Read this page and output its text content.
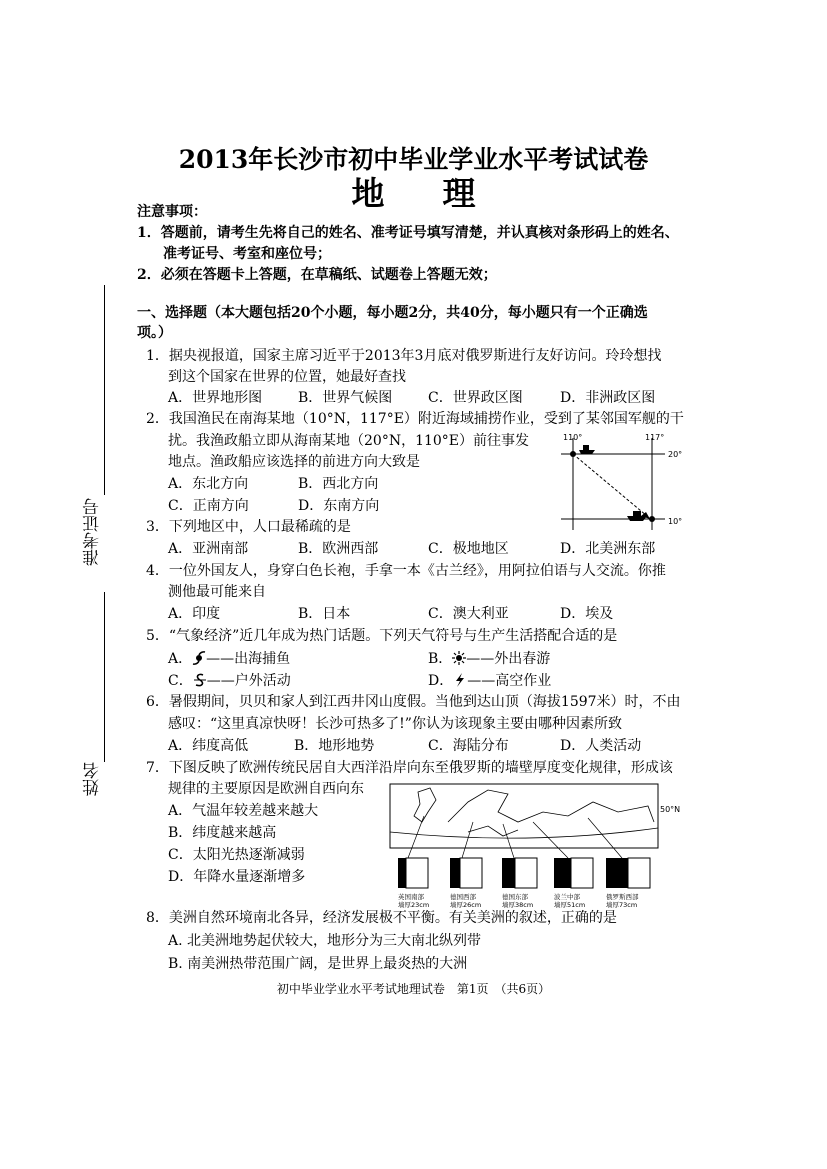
2013年长沙市初中毕业学业水平考试试卷
地理
注意事项：
1．答题前，请考生先将自己的姓名、准考证号填写清楚，并认真核对条形码上的姓名、
准考证号、考室和座位号；
2．必须在答题卡上答题，在草稿纸、试题卷上答题无效；
准考证号
姓名
一、选择题（本大题包括20个小题，每小题2分，共40分，每小题只有一个正确选
项。）
1．据央视报道，国家主席习近平于2013年3月底对俄罗斯进行友好访问。玲玲想找
到这个国家在世界的位置，她最好查找
A．世界地形图	B．世界气候图	C．世界政区图	D．非洲政区图
2．我国渔民在南海某地（10°N，117°E）附近海域捕捞作业，受到了某邻国军舰的干
扰。我渔政船立即从海南某地（20°N，110°E）前往事发
地点。渔政船应该选择的前进方向大致是
A．东北方向	B．西北方向
C．正南方向	D．东南方向
110°	117°
20°
10°
3．下列地区中，人口最稀疏的是
A．亚洲南部	B．欧洲西部	C．极地地区	D．北美洲东部
4．一位外国友人，身穿白色长袍，手拿一本《古兰经》，用阿拉伯语与人交流。你推
测他最可能来自
A．印度	B．日本	C．澳大利亚	D．埃及
5．“气象经济”近几年成为热门话题。下列天气符号与生产生活搭配合适的是
A． ——出海捕鱼	B． ——外出春游
C． ——户外活动	D． ——高空作业
6．暑假期间，贝贝和家人到江西井冈山度假。当他到达山顶（海拔1597米）时，不由
感叹：“这里真凉快呀！长沙可热多了!”你认为该现象主要由哪种因素所致
A．纬度高低	B．地形地势	C．海陆分布	D．人类活动
7．下图反映了欧洲传统民居自大西洋沿岸向东至俄罗斯的墙壁厚度变化规律，形成该
规律的主要原因是欧洲自西向东
A．气温年较差越来越大
B．纬度越来越高
C．太阳光热逐渐减弱
D．年降水量逐渐增多
50°N
英国南部
墙厚23cm
德国西部
墙厚26cm
德国东部
墙厚38cm
波兰中部
墙厚51cm
俄罗斯西部
墙厚73cm
8．美洲自然环境南北各异，经济发展极不平衡。有关美洲的叙述，正确的是
A. 北美洲地势起伏较大，地形分为三大南北纵列带
B. 南美洲热带范围广阔，是世界上最炎热的大洲
初中毕业学业水平考试地理试卷　第1页　（共6页）
